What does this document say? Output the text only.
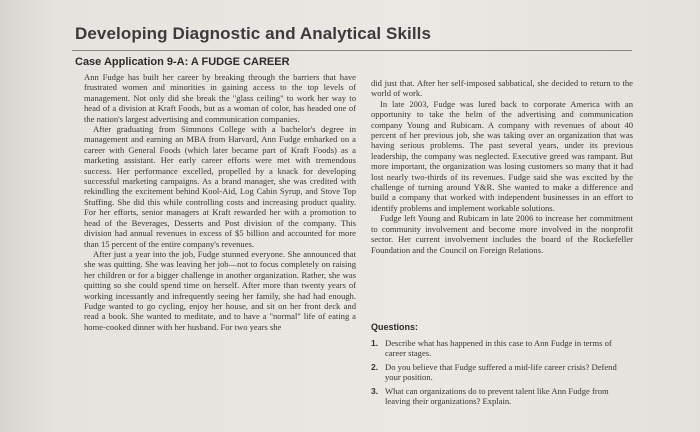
Developing Diagnostic and Analytical Skills
Case Application 9-A: A FUDGE CAREER

Ann Fudge has built her career by breaking through the barriers that have frustrated women and minorities in gaining access to the top levels of management. Not only did she break the "glass ceiling" to work her way to head of a division at Kraft Foods, but as a woman of color, has headed one of the nation's largest advertising and communication companies.

After graduating from Simmons College with a bachelor's degree in management and earning an MBA from Harvard, Ann Fudge embarked on a career with General Foods (which later became part of Kraft Foods) as a marketing assistant. Her early career efforts were met with tremendous success. Her performance excelled, propelled by a knack for developing successful marketing campaigns. As a brand manager, she was credited with rekindling the excitement behind Kool-Aid, Log Cabin Syrup, and Stove Top Stuffing. She did this while controlling costs and increasing product quality. For her efforts, senior managers at Kraft rewarded her with a promotion to head of the Beverages, Desserts and Post division of the company. This division had annual revenues in excess of $5 billion and accounted for more than 15 percent of the entire company's revenues.

After just a year into the job, Fudge stunned everyone. She announced that she was quitting. She was leaving her job—not to focus completely on raising her children or for a bigger challenge in another organization. Rather, she was quitting so she could spend time on herself. After more than twenty years of working incessantly and infrequently seeing her family, she had had enough. Fudge wanted to go cycling, enjoy her house, and sit on her front deck and read a book. She wanted to meditate, and to have a "normal" life of eating a home-cooked dinner with her husband. For two years she

did just that. After her self-imposed sabbatical, she decided to return to the world of work.

In late 2003, Fudge was lured back to corporate America with an opportunity to take the helm of the advertising and communication company Young and Rubicam. A company with revenues of about 40 percent of her previous job, she was taking over an organization that was having serious problems. The past several years, under its previous leadership, the company was neglected. Executive greed was rampant. But more important, the organization was losing customers so many that it had lost nearly two-thirds of its revenues. Fudge said she was excited by the challenge of turning around Y&R. She wanted to make a difference and build a company that worked with independent businesses in an effort to identify problems and implement workable solutions.

Fudge left Young and Rubicam in late 2006 to increase her commitment to community involvement and become more involved in the nonprofit sector. Her current involvement includes the board of the Rockefeller Foundation and the Council on Foreign Relations.

Questions:
1. Describe what has happened in this case to Ann Fudge in terms of career stages.
2. Do you believe that Fudge suffered a mid-life career crisis? Defend your position.
3. What can organizations do to prevent talent like Ann Fudge from leaving their organizations? Explain.
